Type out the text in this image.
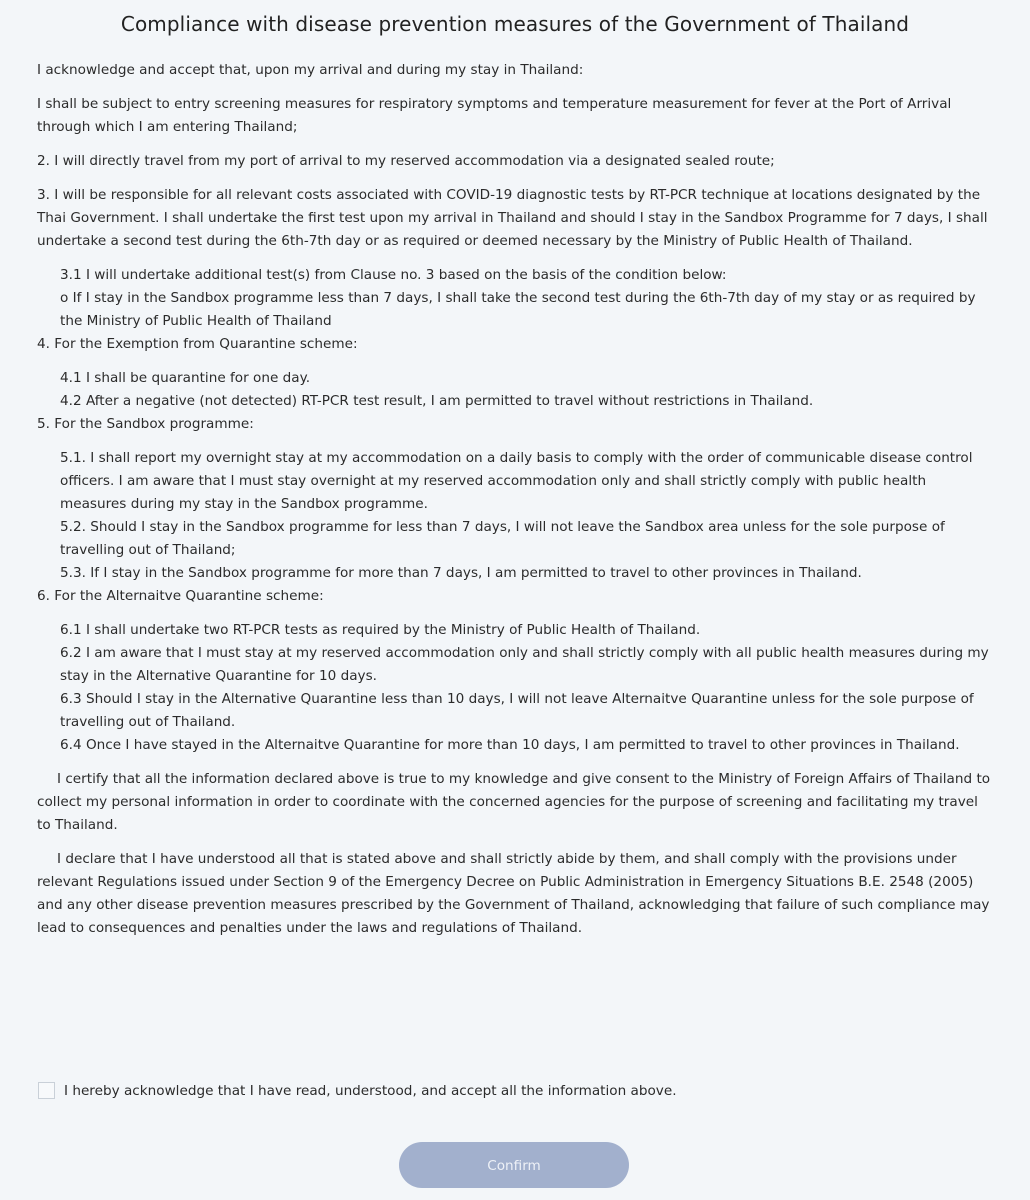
Compliance with disease prevention measures of the Government of Thailand

I acknowledge and accept that, upon my arrival and during my stay in Thailand:

I shall be subject to entry screening measures for respiratory symptoms and temperature measurement for fever at the Port of Arrival through which I am entering Thailand;

2. I will directly travel from my port of arrival to my reserved accommodation via a designated sealed route;

3. I will be responsible for all relevant costs associated with COVID-19 diagnostic tests by RT-PCR technique at locations designated by the Thai Government. I shall undertake the first test upon my arrival in Thailand and should I stay in the Sandbox Programme for 7 days, I shall undertake a second test during the 6th-7th day or as required or deemed necessary by the Ministry of Public Health of Thailand.

3.1 I will undertake additional test(s) from Clause no. 3 based on the basis of the condition below:

o If I stay in the Sandbox programme less than 7 days, I shall take the second test during the 6th-7th day of my stay or as required by the Ministry of Public Health of Thailand

4. For the Exemption from Quarantine scheme:

4.1 I shall be quarantine for one day.

4.2 After a negative (not detected) RT-PCR test result, I am permitted to travel without restrictions in Thailand.

5. For the Sandbox programme:

5.1. I shall report my overnight stay at my accommodation on a daily basis to comply with the order of communicable disease control officers. I am aware that I must stay overnight at my reserved accommodation only and shall strictly comply with public health measures during my stay in the Sandbox programme.

5.2. Should I stay in the Sandbox programme for less than 7 days, I will not leave the Sandbox area unless for the sole purpose of travelling out of Thailand;

5.3. If I stay in the Sandbox programme for more than 7 days, I am permitted to travel to other provinces in Thailand.

6. For the Alternaitve Quarantine scheme:

6.1 I shall undertake two RT-PCR tests as required by the Ministry of Public Health of Thailand.

6.2 I am aware that I must stay at my reserved accommodation only and shall strictly comply with all public health measures during my stay in the Alternative Quarantine for 10 days.

6.3 Should I stay in the Alternative Quarantine less than 10 days, I will not leave Alternaitve Quarantine unless for the sole purpose of travelling out of Thailand.

6.4 Once I have stayed in the Alternaitve Quarantine for more than 10 days, I am permitted to travel to other provinces in Thailand.

I certify that all the information declared above is true to my knowledge and give consent to the Ministry of Foreign Affairs of Thailand to collect my personal information in order to coordinate with the concerned agencies for the purpose of screening and facilitating my travel to Thailand.

I declare that I have understood all that is stated above and shall strictly abide by them, and shall comply with the provisions under relevant Regulations issued under Section 9 of the Emergency Decree on Public Administration in Emergency Situations B.E. 2548 (2005) and any other disease prevention measures prescribed by the Government of Thailand, acknowledging that failure of such compliance may lead to consequences and penalties under the laws and regulations of Thailand.

I hereby acknowledge that I have read, understood, and accept all the information above.
Confirm
